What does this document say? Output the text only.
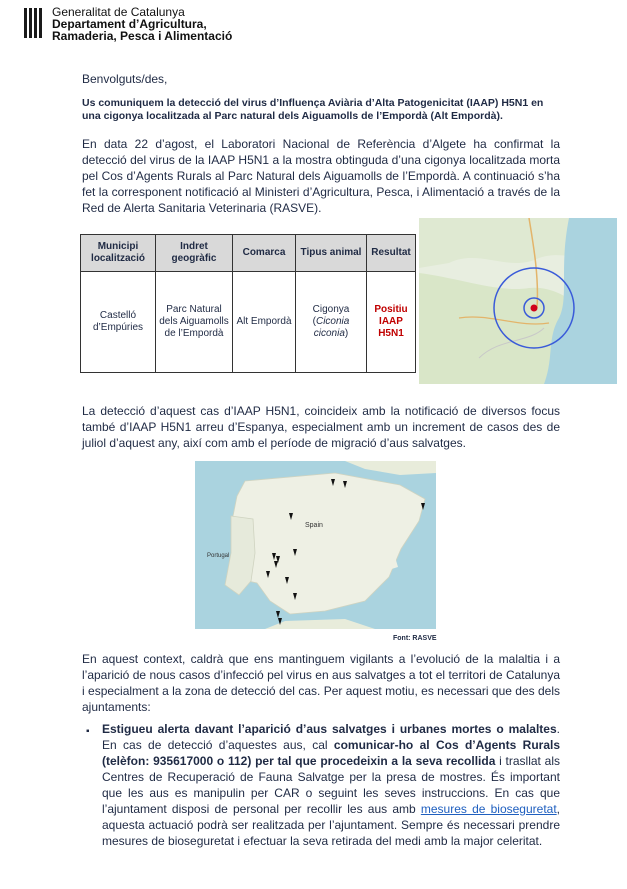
Generalitat de Catalunya
Departament d’Agricultura,
Ramaderia, Pesca i Alimentació
Benvolguts/des,
Us comuniquem la detecció del virus d’Influença Aviària d’Alta Patogenicitat (IAAP) H5N1 en una cigonya localitzada al Parc natural dels Aiguamolls de l’Empordà (Alt Empordà).
En data 22 d’agost, el Laboratori Nacional de Referència d’Algete ha confirmat la detecció del virus de la IAAP H5N1 a la mostra obtinguda d’una cigonya localitzada morta pel Cos d’Agents Rurals al Parc Natural dels Aiguamolls de l’Empordà. A continuació s’ha fet la corresponent notificació al Ministeri d’Agricultura, Pesca, i Alimentació a través de la Red de Alerta Sanitaria Veterinaria (RASVE).
Municipi localització	Indret geogràfic	Comarca	Tipus animal	Resultat
Castelló d’Empúries	Parc Natural dels Aiguamolls de l’Empordà	Alt Empordà	Cigonya (Ciconia ciconia)	Positiu IAAP H5N1
La detecció d’aquest cas d’IAAP H5N1, coincideix amb la notificació de diversos focus també d’IAAP H5N1 arreu d’Espanya, especialment amb un increment de casos des de juliol d’aquest any, així com amb el període de migració d’aus salvatges.
Spain
Portugal
Font: RASVE
En aquest context, caldrà que ens mantinguem vigilants a l’evolució de la malaltia i a l’aparició de nous casos d’infecció pel virus en aus salvatges a tot el territori de Catalunya i especialment a la zona de detecció del cas. Per aquest motiu, es necessari que des dels ajuntaments:
▪ Estigueu alerta davant l’aparició d’aus salvatges i urbanes mortes o malaltes. En cas de detecció d’aquestes aus, cal comunicar-ho al Cos d’Agents Rurals (telèfon: 935617000 o 112) per tal que procedeixin a la seva recollida i trasllat als Centres de Recuperació de Fauna Salvatge per la presa de mostres. És important que les aus es manipulin per CAR o seguint les seves instruccions. En cas que l’ajuntament disposi de personal per recollir les aus amb mesures de bioseguretat, aquesta actuació podrà ser realitzada per l’ajuntament. Sempre és necessari prendre mesures de bioseguretat i efectuar la seva retirada del medi amb la major celeritat.
